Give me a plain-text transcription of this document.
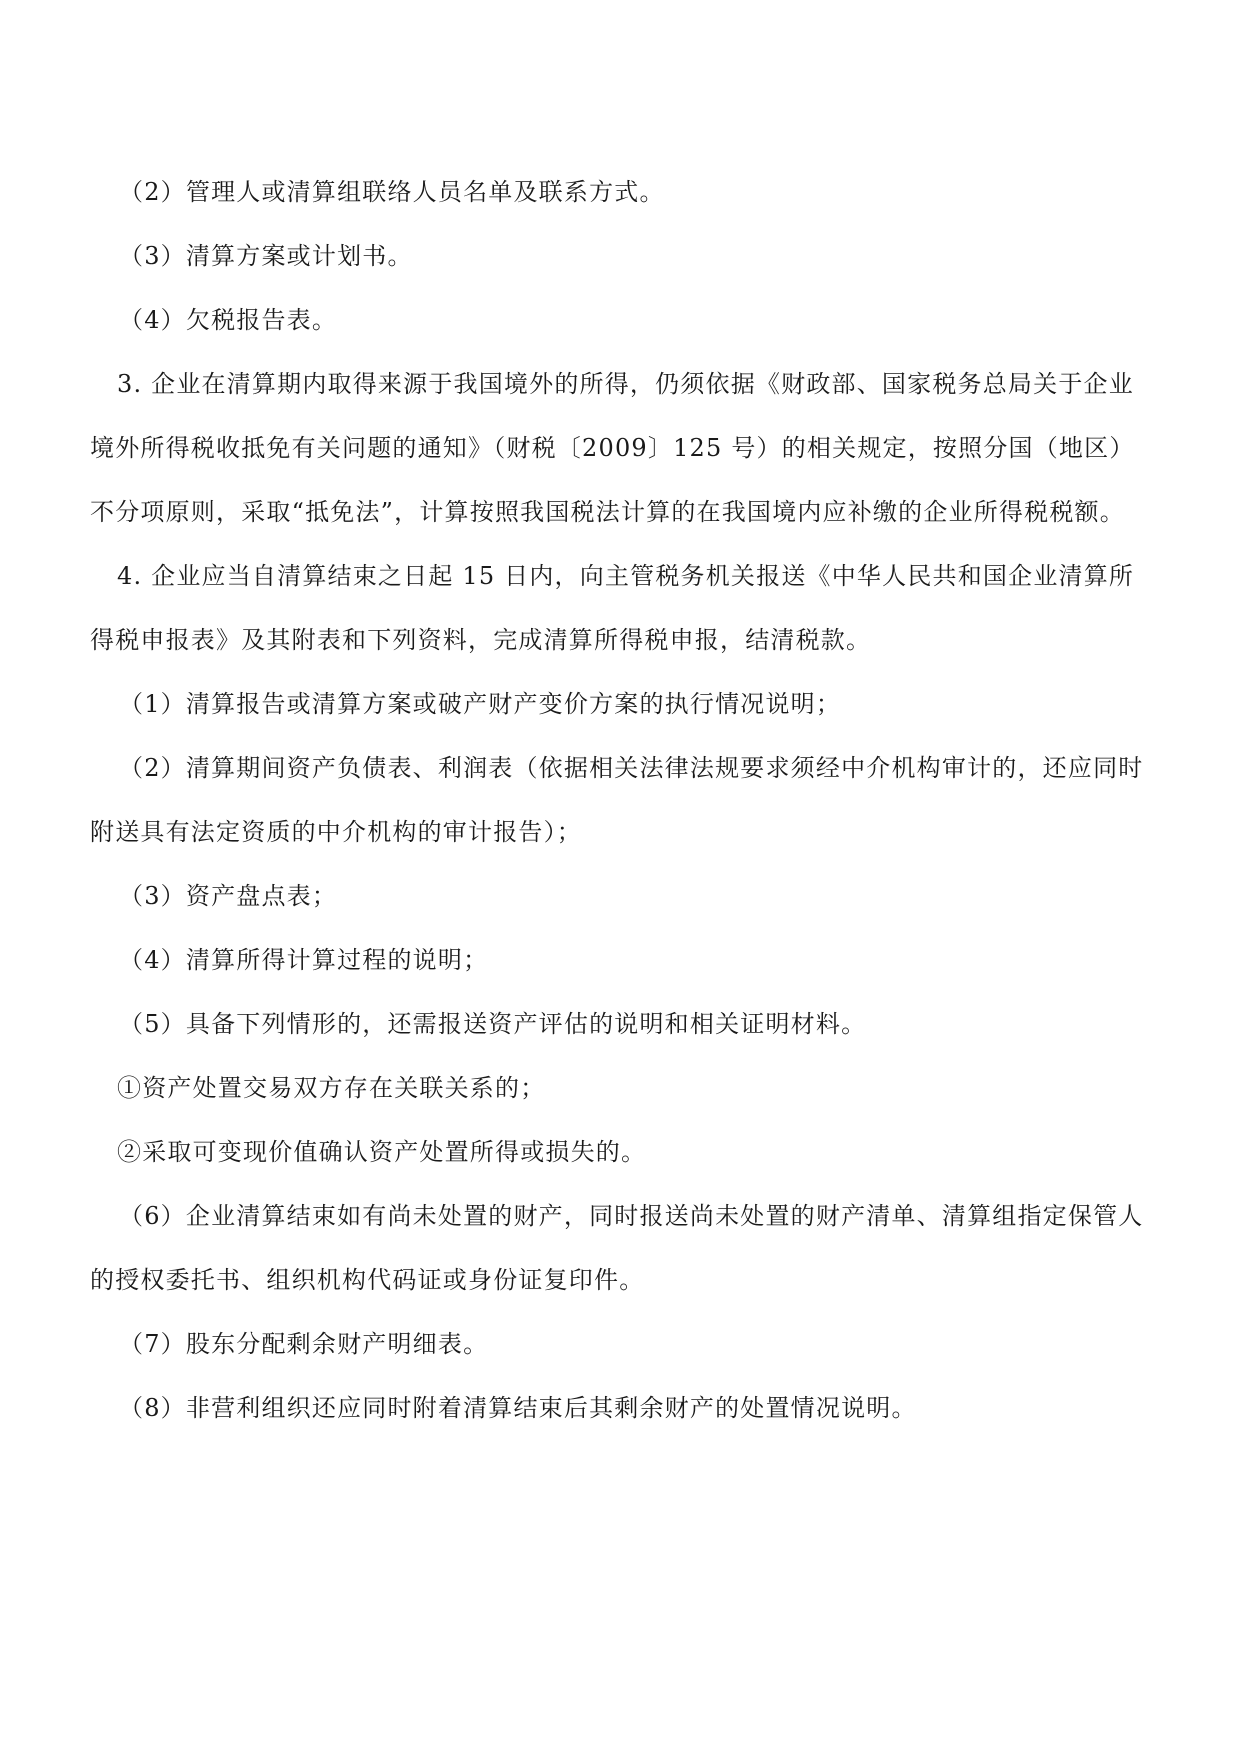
（2）管理人或清算组联络人员名单及联系方式。

（3）清算方案或计划书。

（4）欠税报告表。

3. 企业在清算期内取得来源于我国境外的所得，仍须依据《财政部、国家税务总局关于企业境外所得税收抵免有关问题的通知》（财税〔2009〕125 号）的相关规定，按照分国（地区）不分项原则，采取“抵免法”，计算按照我国税法计算的在我国境内应补缴的企业所得税税额。

4. 企业应当自清算结束之日起 15 日内，向主管税务机关报送《中华人民共和国企业清算所得税申报表》及其附表和下列资料，完成清算所得税申报，结清税款。

（1）清算报告或清算方案或破产财产变价方案的执行情况说明；

（2）清算期间资产负债表、利润表（依据相关法律法规要求须经中介机构审计的，还应同时附送具有法定资质的中介机构的审计报告）；

（3）资产盘点表；

（4）清算所得计算过程的说明；

（5）具备下列情形的，还需报送资产评估的说明和相关证明材料。

①资产处置交易双方存在关联关系的；

②采取可变现价值确认资产处置所得或损失的。

（6）企业清算结束如有尚未处置的财产，同时报送尚未处置的财产清单、清算组指定保管人的授权委托书、组织机构代码证或身份证复印件。

（7）股东分配剩余财产明细表。

（8）非营利组织还应同时附着清算结束后其剩余财产的处置情况说明。
